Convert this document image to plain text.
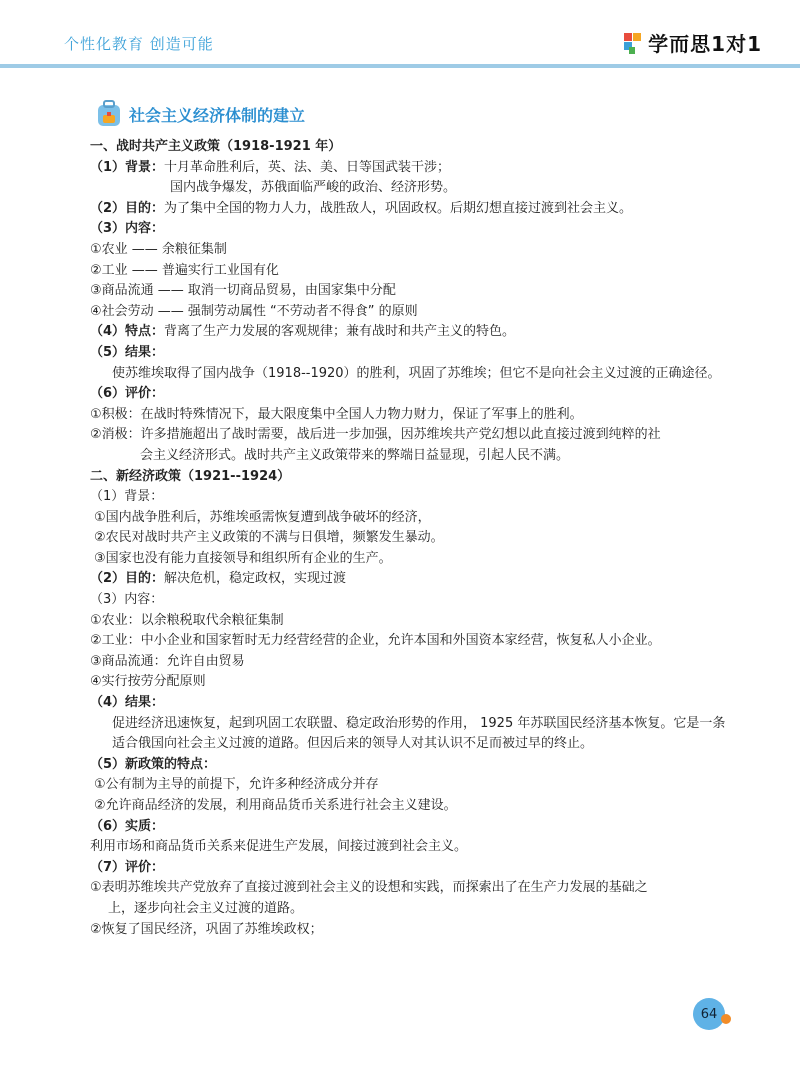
个性化教育 创造可能	学而思1对1
社会主义经济体制的建立
一、战时共产主义政策（1918-1921 年）
（1）背景：十月革命胜利后，英、法、美、日等国武装干涉；
国内战争爆发，苏俄面临严峻的政治、经济形势。
（2）目的：为了集中全国的物力人力，战胜敌人，巩固政权。后期幻想直接过渡到社会主义。
（3）内容：
①农业 —— 余粮征集制
②工业 —— 普遍实行工业国有化
③商品流通 —— 取消一切商品贸易，由国家集中分配
④社会劳动 —— 强制劳动属性 “不劳动者不得食” 的原则
（4）特点：背离了生产力发展的客观规律；兼有战时和共产主义的特色。
（5）结果：
使苏维埃取得了国内战争（1918--1920）的胜利，巩固了苏维埃；但它不是向社会主义过渡的正确途径。
（6）评价：
①积极：在战时特殊情况下，最大限度集中全国人力物力财力，保证了军事上的胜利。
②消极：许多措施超出了战时需要，战后进一步加强，因苏维埃共产党幻想以此直接过渡到纯粹的社
会主义经济形式。战时共产主义政策带来的弊端日益显现，引起人民不满。
二、新经济政策（1921--1924）
（1）背景：
①国内战争胜利后，苏维埃亟需恢复遭到战争破坏的经济，
②农民对战时共产主义政策的不满与日俱增，频繁发生暴动。
③国家也没有能力直接领导和组织所有企业的生产。
（2）目的：解决危机，稳定政权，实现过渡
（3）内容：
①农业：以余粮税取代余粮征集制
②工业：中小企业和国家暂时无力经营经营的企业，允许本国和外国资本家经营，恢复私人小企业。
③商品流通：允许自由贸易
④实行按劳分配原则
（4）结果：
促进经济迅速恢复，起到巩固工农联盟、稳定政治形势的作用， 1925 年苏联国民经济基本恢复。它是一条适合俄国向社会主义过渡的道路。但因后来的领导人对其认识不足而被过早的终止。
（5）新政策的特点：
①公有制为主导的前提下，允许多种经济成分并存
②允许商品经济的发展，利用商品货币关系进行社会主义建设。
（6）实质：
利用市场和商品货币关系来促进生产发展，间接过渡到社会主义。
（7）评价：
①表明苏维埃共产党放弃了直接过渡到社会主义的设想和实践，而探索出了在生产力发展的基础之
上，逐步向社会主义过渡的道路。
②恢复了国民经济，巩固了苏维埃政权；
64
